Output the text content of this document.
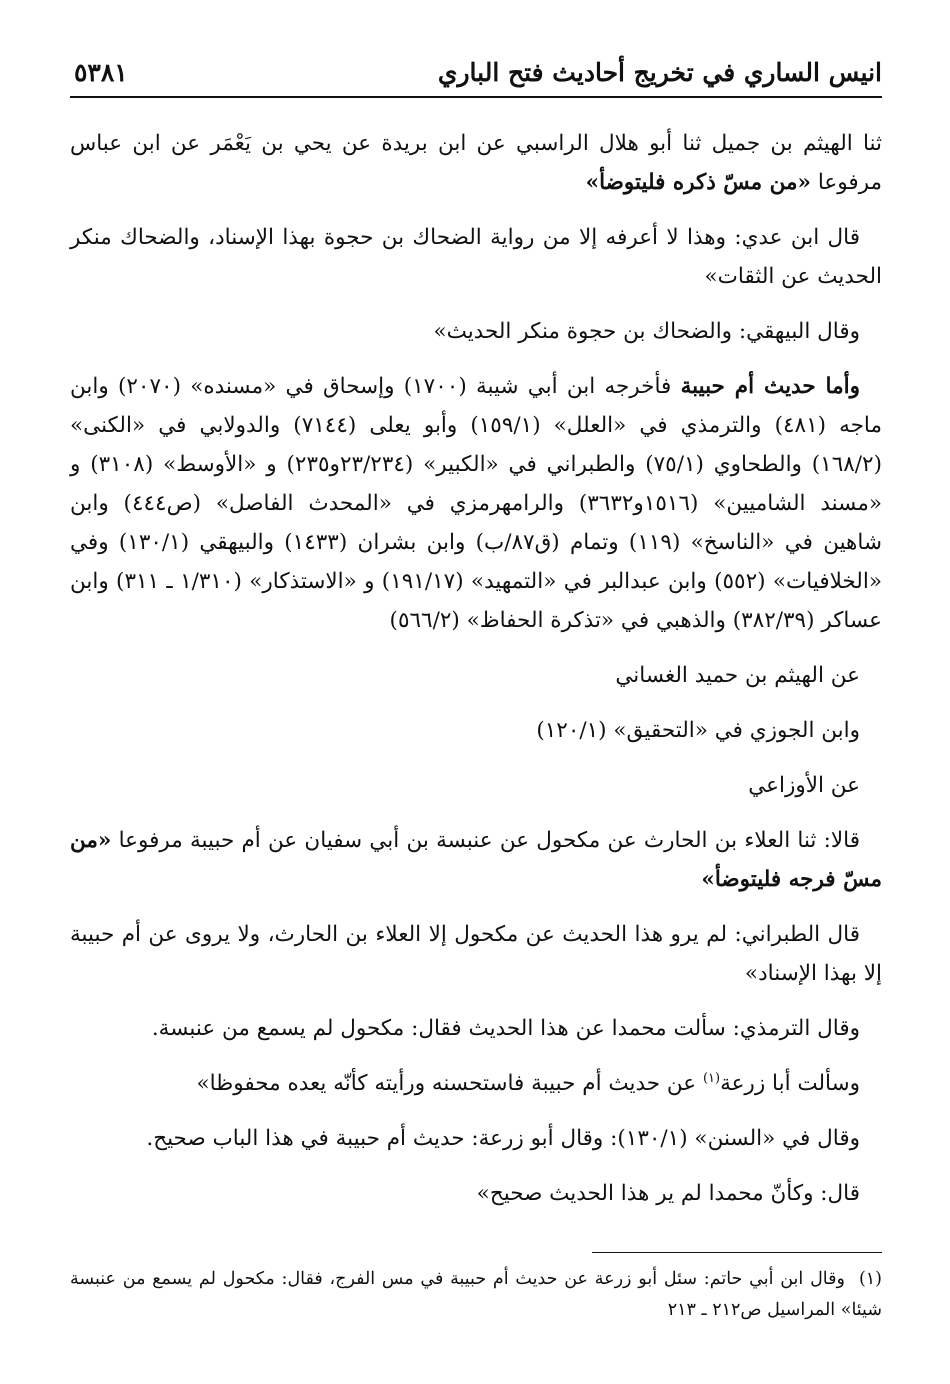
انيس الساري في تخريج أحاديث فتح الباري
٥٣٨١

ثنا الهيثم بن جميل ثنا أبو هلال الراسبي عن ابن بريدة عن يحي بن يَعْمَر عن ابن عباس مرفوعا «من مسّ ذكره فليتوضأ»

قال ابن عدي: وهذا لا أعرفه إلا من رواية الضحاك بن حجوة بهذا الإسناد، والضحاك منكر الحديث عن الثقات»

وقال البيهقي: والضحاك بن حجوة منكر الحديث»

وأما حديث أم حبيبة فأخرجه ابن أبي شيبة (١٧٠٠) وإسحاق في «مسنده» (٢٠٧٠) وابن ماجه (٤٨١) والترمذي في «العلل» (١٥٩/١) وأبو يعلى (٧١٤٤) والدولابي في «الكنى» (١٦٨/٢) والطحاوي (٧٥/١) والطبراني في «الكبير» (٢٣/٢٣٤و٢٣٥) و «الأوسط» (٣١٠٨) و «مسند الشاميين» (١٥١٦و٣٦٣٢) والرامهرمزي في «المحدث الفاصل» (ص٤٤٤) وابن شاهين في «الناسخ» (١١٩) وتمام (ق٨٧/ب) وابن بشران (١٤٣٣) والبيهقي (١٣٠/١) وفي «الخلافيات» (٥٥٢) وابن عبدالبر في «التمهيد» (١٩١/١٧) و «الاستذكار» (١/٣١٠ ـ ٣١١) وابن عساكر (٣٨٢/٣٩) والذهبي في «تذكرة الحفاظ» (٥٦٦/٢)

عن الهيثم بن حميد الغساني

وابن الجوزي في «التحقيق» (١٢٠/١)

عن الأوزاعي

قالا: ثنا العلاء بن الحارث عن مكحول عن عنبسة بن أبي سفيان عن أم حبيبة مرفوعا «من مسّ فرجه فليتوضأ»

قال الطبراني: لم يرو هذا الحديث عن مكحول إلا العلاء بن الحارث، ولا يروى عن أم حبيبة إلا بهذا الإسناد»

وقال الترمذي: سألت محمدا عن هذا الحديث فقال: مكحول لم يسمع من عنبسة.

وسألت أبا زرعة$^{(١)}$ عن حديث أم حبيبة فاستحسنه ورأيته كأنّه يعده محفوظا»

وقال في «السنن» (١٣٠/١): وقال أبو زرعة: حديث أم حبيبة في هذا الباب صحيح.

قال: وكأنّ محمدا لم ير هذا الحديث صحيح»

(١)وقال ابن أبي حاتم: سئل أبو زرعة عن حديث أم حبيبة في مس الفرج، فقال: مكحول لم يسمع من عنبسة شيئا» المراسيل ص٢١٢ ـ ٢١٣
